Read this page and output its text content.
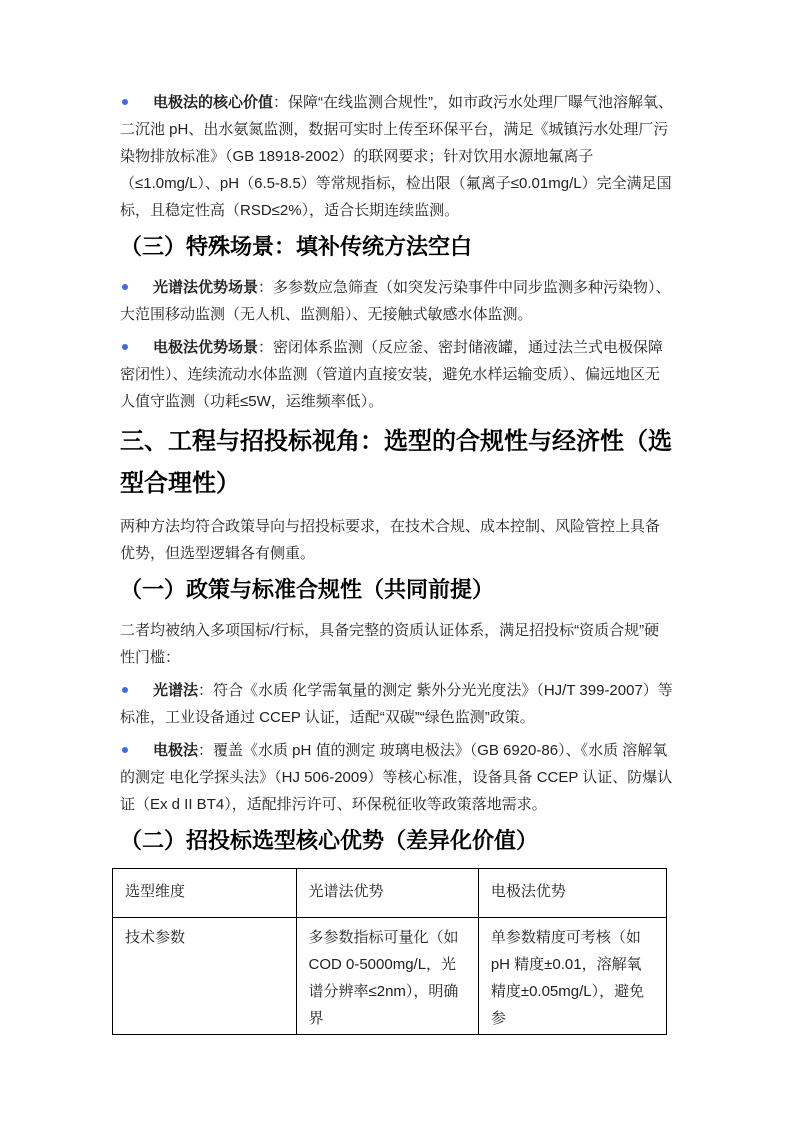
电极法的核心价值：保障“在线监测合规性”，如市政污水处理厂曝气池溶解氧、二沉池 pH、出水氨氮监测，数据可实时上传至环保平台，满足《城镇污水处理厂污染物排放标准》（GB 18918-2002）的联网要求；针对饮用水源地氟离子（≤1.0mg/L）、pH（6.5-8.5）等常规指标，检出限（氟离子≤0.01mg/L）完全满足国标，且稳定性高（RSD≤2%），适合长期连续监测。
（三）特殊场景：填补传统方法空白
光谱法优势场景：多参数应急筛查（如突发污染事件中同步监测多种污染物）、大范围移动监测（无人机、监测船）、无接触式敏感水体监测。
电极法优势场景：密闭体系监测（反应釜、密封储液罐，通过法兰式电极保障密闭性）、连续流动水体监测（管道内直接安装，避免水样运输变质）、偏远地区无人值守监测（功耗≤5W，运维频率低）。
三、工程与招投标视角：选型的合规性与经济性（选型合理性）
两种方法均符合政策导向与招投标要求，在技术合规、成本控制、风险管控上具备优势，但选型逻辑各有侧重。
（一）政策与标准合规性（共同前提）
二者均被纳入多项国标/行标，具备完整的资质认证体系，满足招投标“资质合规”硬性门槛：
光谱法：符合《水质 化学需氧量的测定 紫外分光光度法》（HJ/T 399-2007）等标准，工业设备通过 CCEP 认证，适配“双碳”“绿色监测”政策。
电极法：覆盖《水质 pH 值的测定 玻璃电极法》（GB 6920-86）、《水质 溶解氧的测定 电化学探头法》（HJ 506-2009）等核心标准，设备具备 CCEP 认证、防爆认证（Ex d II BT4），适配排污许可、环保税征收等政策落地需求。
（二）招投标选型核心优势（差异化价值）
选型维度	光谱法优势	电极法优势
技术参数	多参数指标可量化（如 COD 0-5000mg/L，光谱分辨率≤2nm），明确界	单参数精度可考核（如 pH 精度±0.01，溶解氧精度±0.05mg/L），避免参
